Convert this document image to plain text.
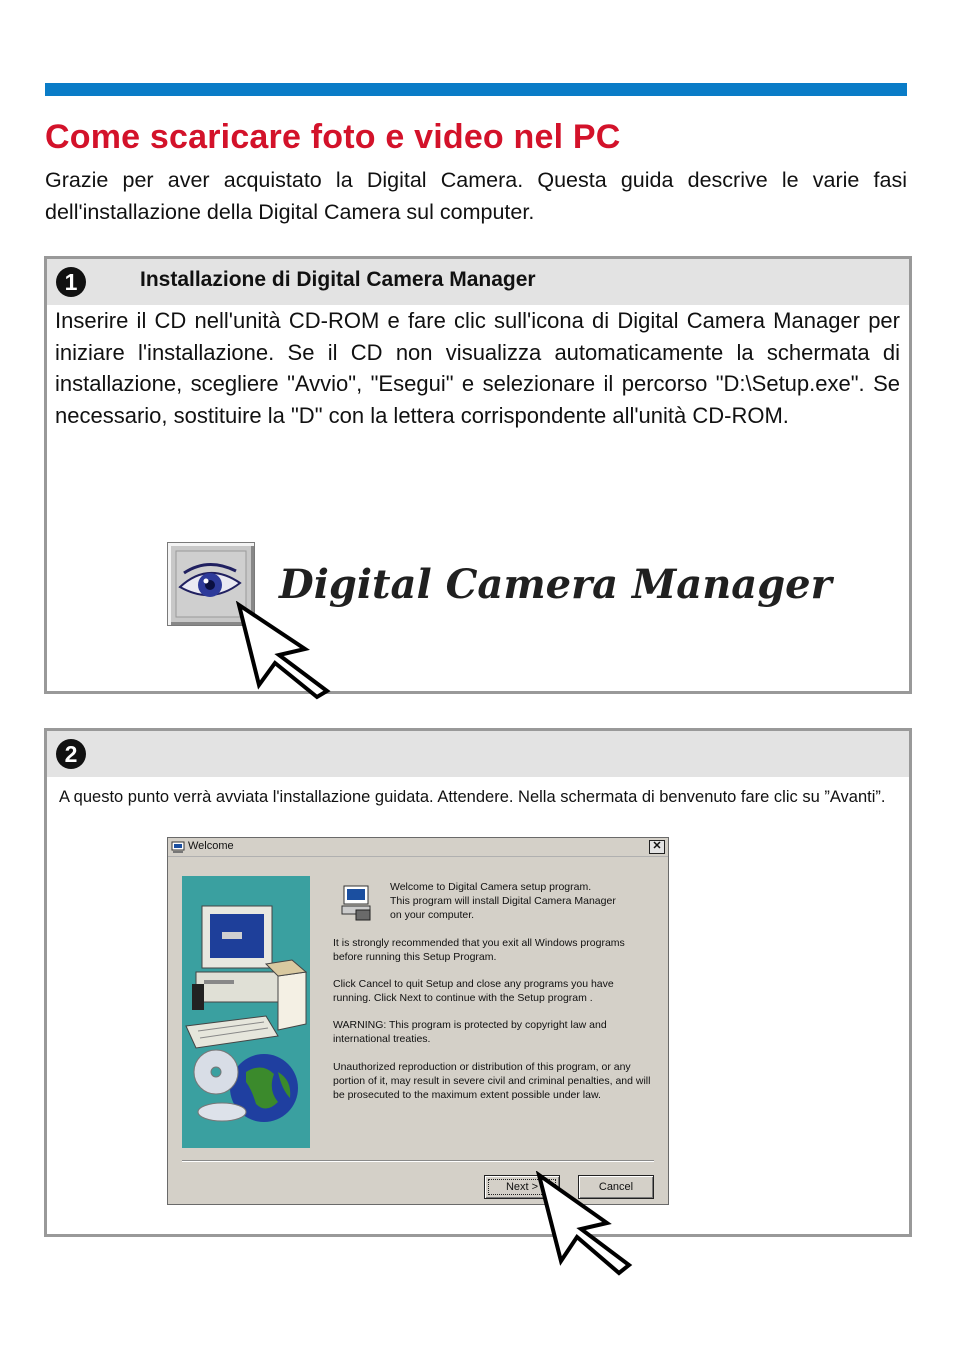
Come scaricare foto e video nel PC
Grazie per aver acquistato la Digital Camera. Questa guida descrive le varie fasi dell'installazione della Digital Camera sul computer.
1	Installazione di Digital Camera Manager
Inserire il CD nell'unità CD-ROM e fare clic sull'icona di Digital Camera Manager per iniziare l'installazione. Se il CD non visualizza automaticamente la schermata di installazione, scegliere "Avvio", "Esegui" e selezionare il percorso "D:\Setup.exe". Se necessario, sostituire la "D" con la lettera corrispondente all'unità CD-ROM.
Digital Camera Manager
2
A questo punto verrà avviata l'installazione guidata. Attendere. Nella schermata di benvenuto fare clic su ”Avanti”.
Welcome	✕
Welcome to Digital Camera setup program.
This program will install Digital Camera Manager
on your computer.
It is strongly recommended that you exit all Windows programs before running this Setup Program.
Click Cancel to quit Setup and close any programs you have running. Click Next to continue with the Setup program .
WARNING: This program is protected by copyright law and international treaties.
Unauthorized reproduction or distribution of this program, or any portion of it, may result in severe civil and criminal penalties, and will be prosecuted to the maximum extent possible under law.
Next >	Cancel
